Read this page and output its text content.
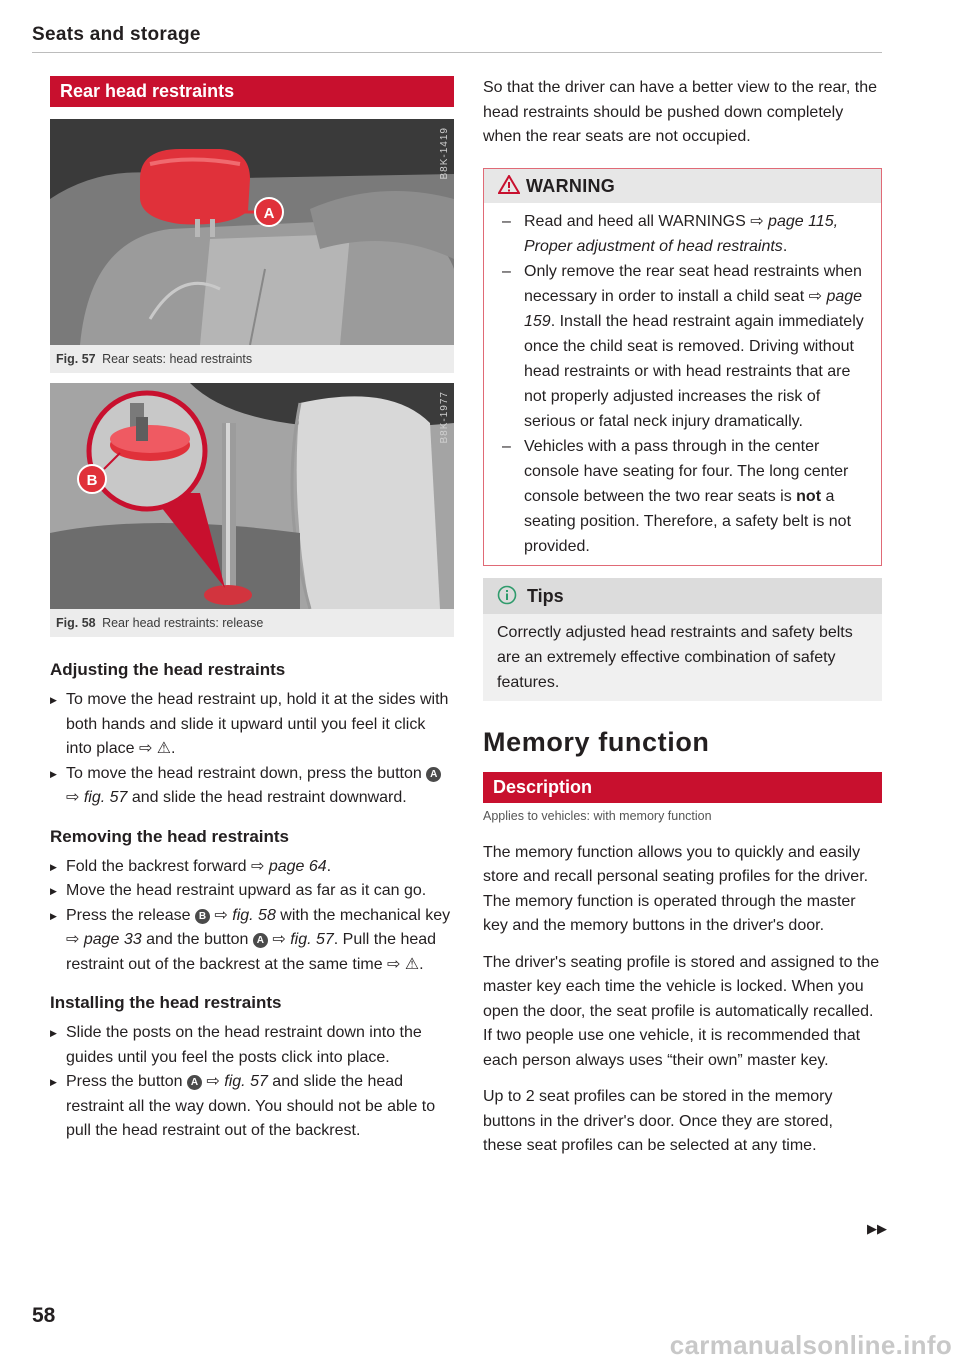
Seats and storage
Rear head restraints
A
B8K-1419
Fig. 57 Rear seats: head restraints
B
B8K-1977
Fig. 58 Rear head restraints: release
Adjusting the head restraints
▶ To move the head restraint up, hold it at the sides with both hands and slide it upward until you feel it click into place ⇨ ⚠.
▶ To move the head restraint down, press the button A ⇨ fig. 57 and slide the head restraint downward.
Removing the head restraints
▶ Fold the backrest forward ⇨ page 64.
▶ Move the head restraint upward as far as it can go.
▶ Press the release B ⇨ fig. 58 with the mechanical key ⇨ page 33 and the button A ⇨ fig. 57. Pull the head restraint out of the backrest at the same time ⇨ ⚠.
Installing the head restraints
▶ Slide the posts on the head restraint down into the guides until you feel the posts click into place.
▶ Press the button A ⇨ fig. 57 and slide the head restraint all the way down. You should not be able to pull the head restraint out of the backrest.

So that the driver can have a better view to the rear, the head restraints should be pushed down completely when the rear seats are not occupied.

WARNING
– Read and heed all WARNINGS ⇨ page 115, Proper adjustment of head restraints.
– Only remove the rear seat head restraints when necessary in order to install a child seat ⇨ page 159. Install the head restraint again immediately once the child seat is removed. Driving without head restraints or with head restraints that are not properly adjusted increases the risk of serious or fatal neck injury dramatically.
– Vehicles with a pass through in the center console have seating for four. The long center console between the two rear seats is not a seating position. Therefore, a safety belt is not provided.
Tips
Correctly adjusted head restraints and safety belts are an extremely effective combination of safety features.
Memory function
Description
Applies to vehicles: with memory function

The memory function allows you to quickly and easily store and recall personal seating profiles for the driver. The memory function is operated through the master key and the memory buttons in the driver's door.

The driver's seating profile is stored and assigned to the master key each time the vehicle is locked. When you open the door, the seat profile is automatically recalled. If two people use one vehicle, it is recommended that each person always uses “their own” master key.

Up to 2 seat profiles can be stored in the memory buttons in the driver's door. Once they are stored, these seat profiles can be selected at any time.

▶▶
58
carmanualsonline.info
